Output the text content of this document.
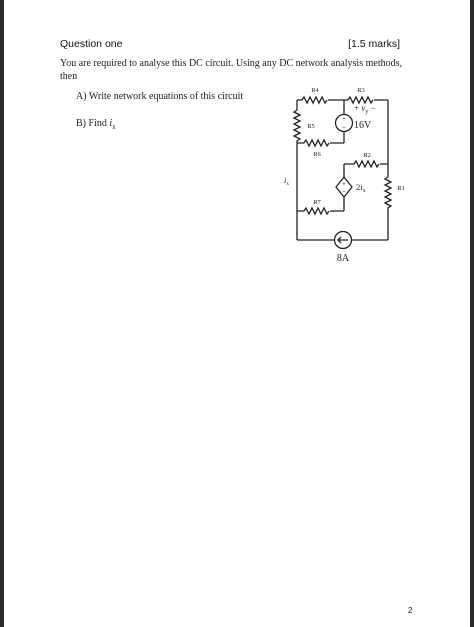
Question one	[1.5 marks]
You are required to analyse this DC circuit. Using any DC network analysis methods, then
A) Write network equations of this circuit
B) Find $i_x$
+
−
+
−
R4	R3
R5
R6	R2
R1
R7
+ $v_y$ −
16V
$2i_x$
$i_x$
8A
2
